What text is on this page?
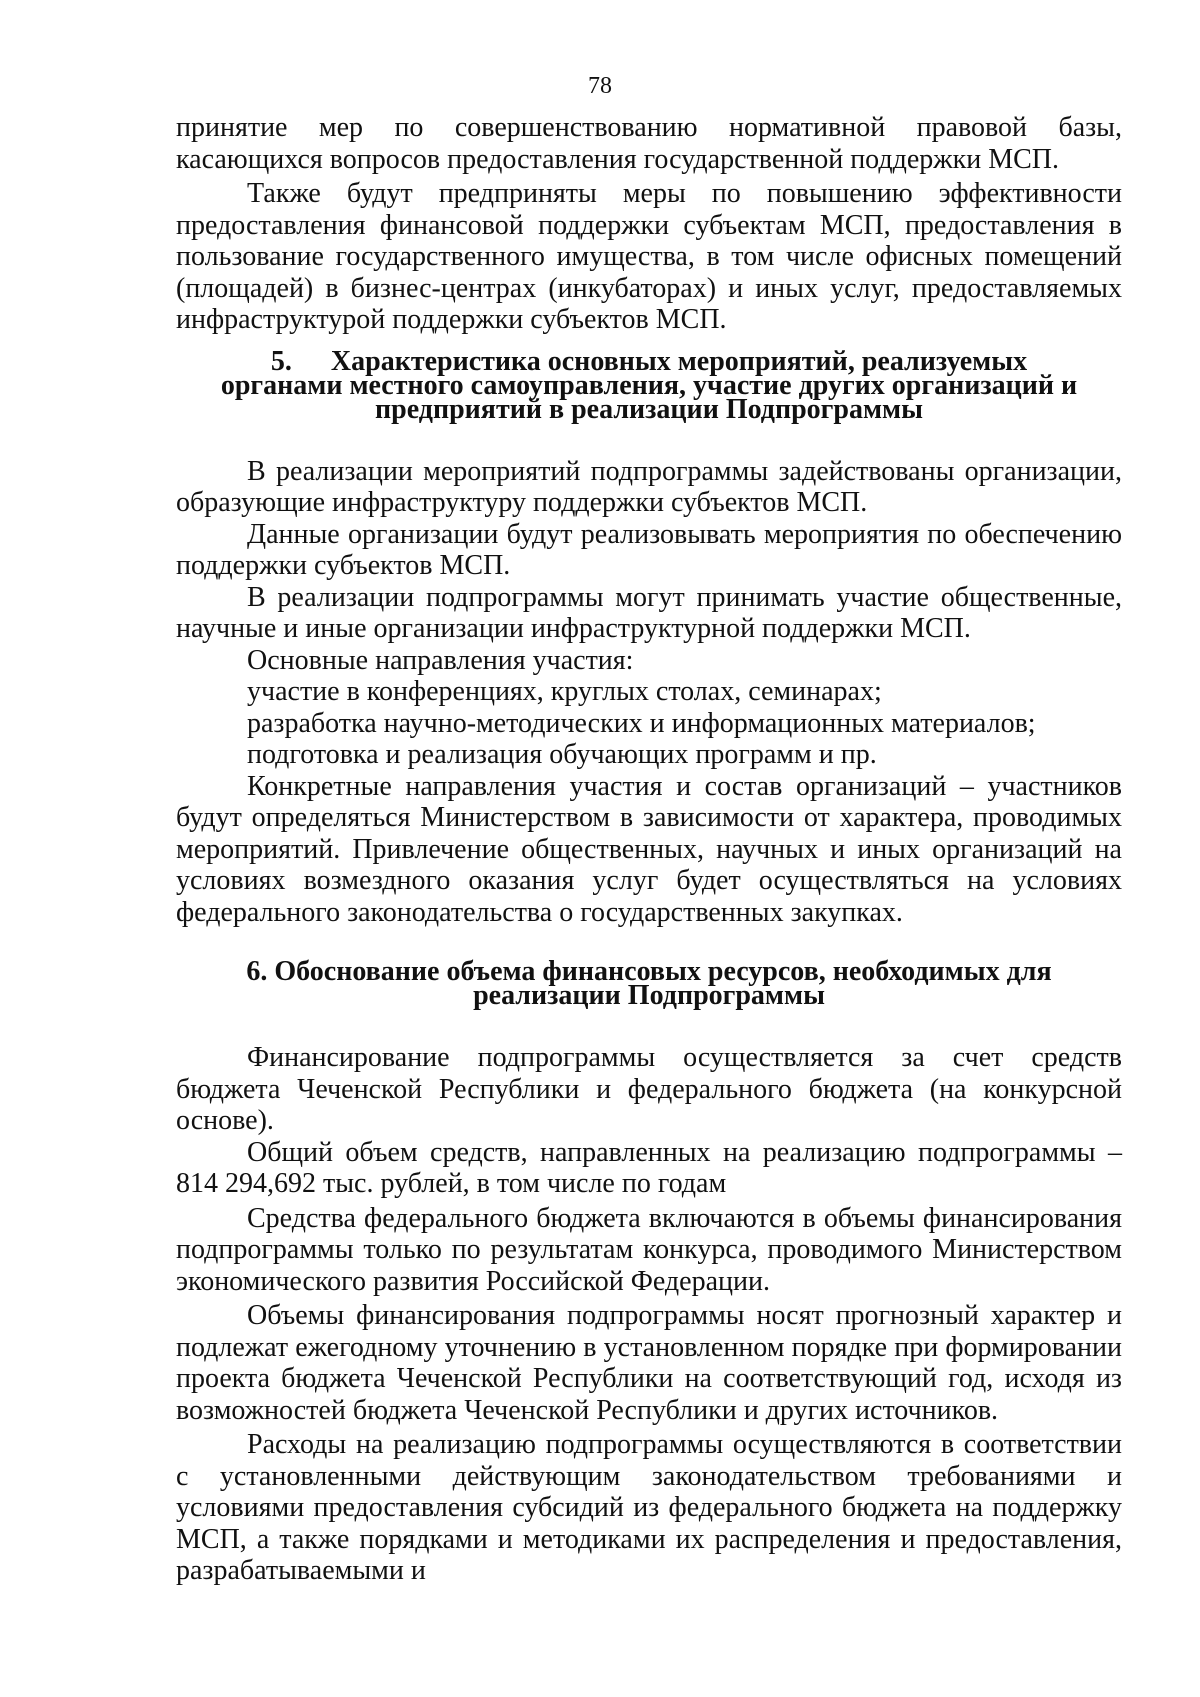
78

принятие мер по совершенствованию нормативной правовой базы, касающихся вопросов предоставления государственной поддержки МСП.

Также будут предприняты меры по повышению эффективности предоставления финансовой поддержки субъектам МСП, предоставления в пользование государственного имущества, в том числе офисных помещений (площадей) в бизнес-центрах (инкубаторах) и иных услуг, предоставляемых инфраструктурой поддержки субъектов МСП.

5. Характеристика основных мероприятий, реализуемых
органами местного самоуправления, участие других организаций и
предприятий в реализации Подпрограммы

В реализации мероприятий подпрограммы задействованы организации, образующие инфраструктуру поддержки субъектов МСП.

Данные организации будут реализовывать мероприятия по обеспечению поддержки субъектов МСП.

В реализации подпрограммы могут принимать участие общественные, научные и иные организации инфраструктурной поддержки МСП.

Основные направления участия:

участие в конференциях, круглых столах, семинарах;

разработка научно-методических и информационных материалов;

подготовка и реализация обучающих программ и пр.

Конкретные направления участия и состав организаций – участников будут определяться Министерством в зависимости от характера, проводимых мероприятий. Привлечение общественных, научных и иных организаций на условиях возмездного оказания услуг будет осуществляться на условиях федерального законодательства о государственных закупках.

6. Обоснование объема финансовых ресурсов, необходимых для
реализации Подпрограммы

Финансирование подпрограммы осуществляется за счет средств бюджета Чеченской Республики и федерального бюджета (на конкурсной основе).

Общий объем средств, направленных на реализацию подпрограммы – 814 294,692 тыс. рублей, в том числе по годам

Средства федерального бюджета включаются в объемы финансирования подпрограммы только по результатам конкурса, проводимого Министерством экономического развития Российской Федерации.

Объемы финансирования подпрограммы носят прогнозный характер и подлежат ежегодному уточнению в установленном порядке при формировании проекта бюджета Чеченской Республики на соответствующий год, исходя из возможностей бюджета Чеченской Республики и других источников.

Расходы на реализацию подпрограммы осуществляются в соответствии с установленными действующим законодательством требованиями и условиями предоставления субсидий из федерального бюджета на поддержку МСП, а также порядками и методиками их распределения и предоставления, разрабатываемыми и
